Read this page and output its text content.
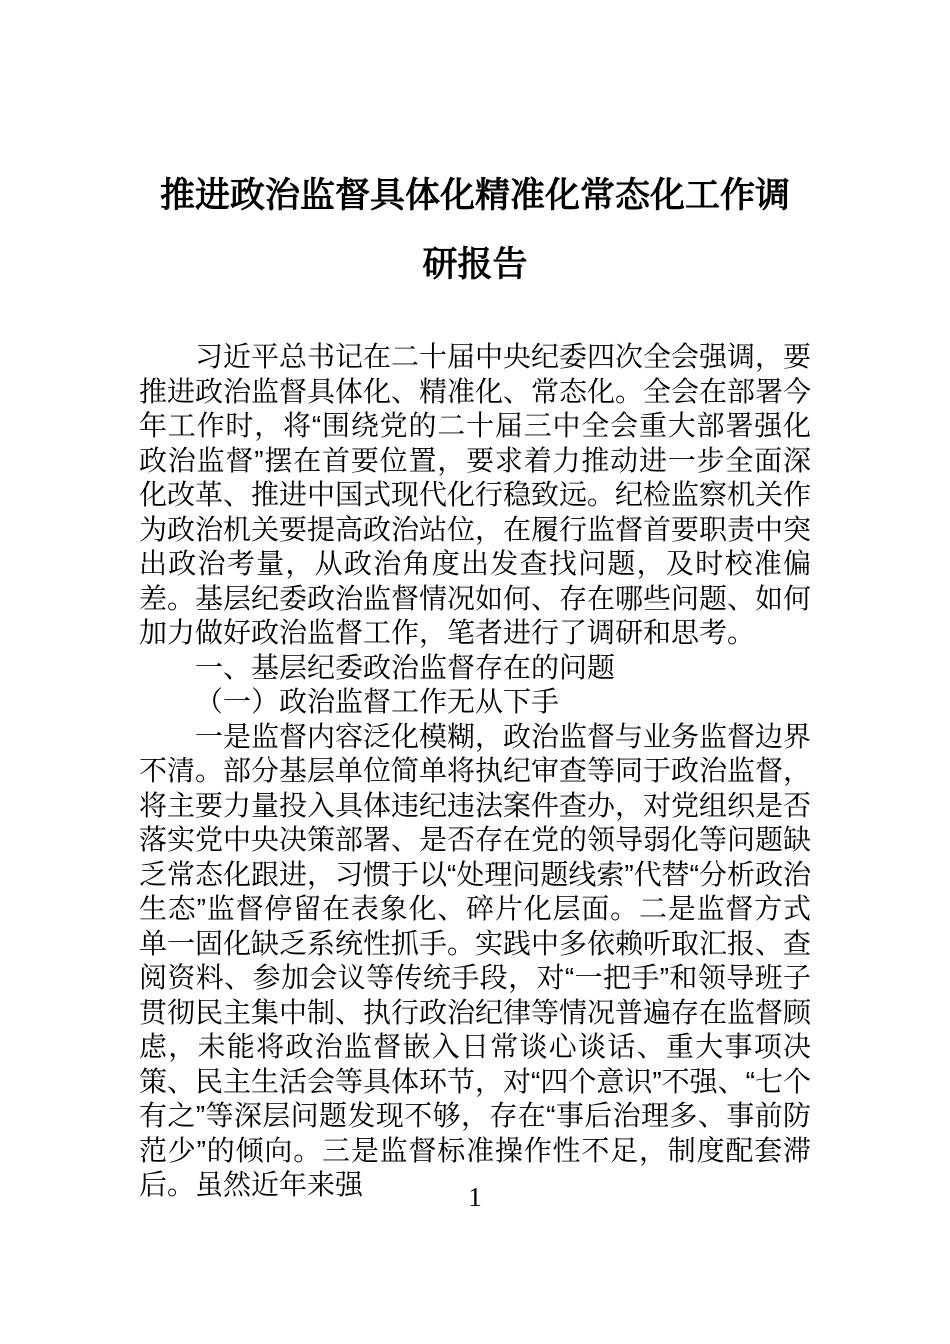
推进政治监督具体化精准化常态化工作调研报告

习近平总书记在二十届中央纪委四次全会强调，要推进政治监督具体化、精准化、常态化。全会在部署今年工作时，将“围绕党的二十届三中全会重大部署强化政治监督”摆在首要位置，要求着力推动进一步全面深化改革、推进中国式现代化行稳致远。纪检监察机关作为政治机关要提高政治站位，在履行监督首要职责中突出政治考量，从政治角度出发查找问题，及时校准偏差。基层纪委政治监督情况如何、存在哪些问题、如何加力做好政治监督工作，笔者进行了调研和思考。

一、基层纪委政治监督存在的问题

（一）政治监督工作无从下手

一是监督内容泛化模糊，政治监督与业务监督边界不清。部分基层单位简单将执纪审查等同于政治监督，将主要力量投入具体违纪违法案件查办，对党组织是否落实党中央决策部署、是否存在党的领导弱化等问题缺乏常态化跟进，习惯于以“处理问题线索”代替“分析政治生态”监督停留在表象化、碎片化层面。二是监督方式单一固化缺乏系统性抓手。实践中多依赖听取汇报、查阅资料、参加会议等传统手段，对“一把手”和领导班子贯彻民主集中制、执行政治纪律等情况普遍存在监督顾虑，未能将政治监督嵌入日常谈心谈话、重大事项决策、民主生活会等具体环节，对“四个意识”不强、“七个有之”等深层问题发现不够，存在“事后治理多、事前防范少”的倾向。三是监督标准操作性不足，制度配套滞后。虽然近年来强	1
